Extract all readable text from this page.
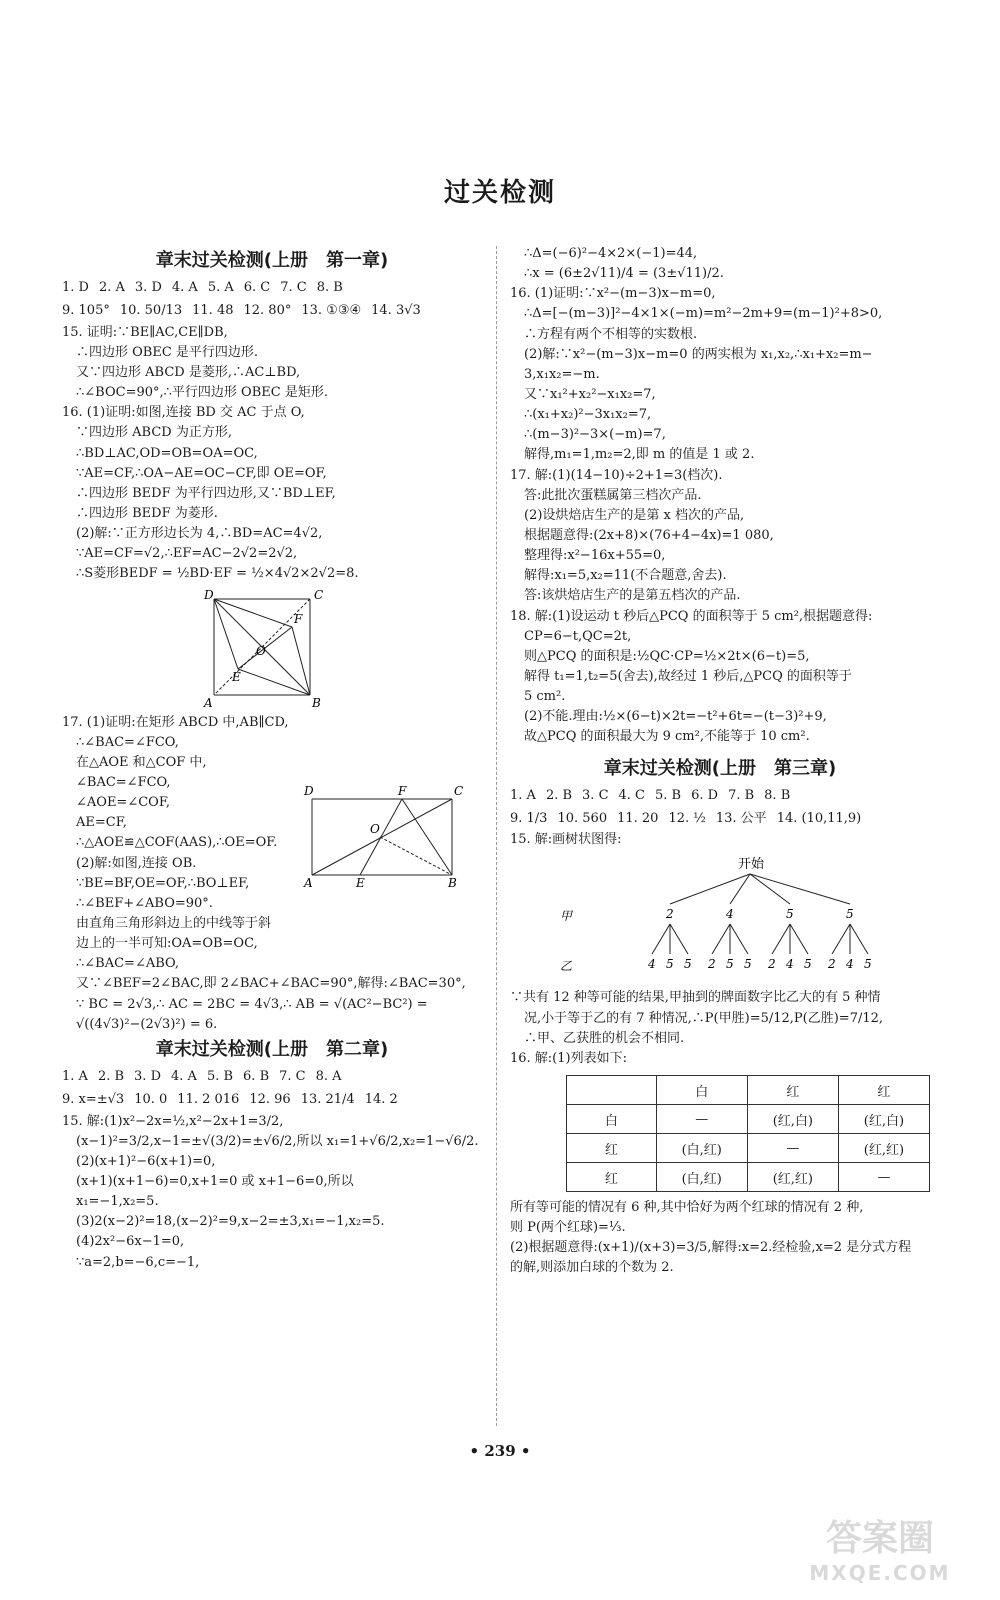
过关检测
章末过关检测(上册　第一章)
1. D 2. A 3. D 4. A 5. A 6. C 7. C 8. B
9. 105° 10. 50/13 11. 48 12. 80° 13. ①③④ 14. 3√3
15. 证明:∵BE∥AC,CE∥DB,
∴四边形 OBEC 是平行四边形.
又∵四边形 ABCD 是菱形,∴AC⊥BD,
∴∠BOC=90°,∴平行四边形 OBEC 是矩形.
16. (1)证明:如图,连接 BD 交 AC 于点 O,
∵四边形 ABCD 为正方形,
∴BD⊥AC,OD=OB=OA=OC,
∵AE=CF,∴OA−AE=OC−CF,即 OE=OF,
∴四边形 BEDF 为平行四边形,又∵BD⊥EF,
∴四边形 BEDF 为菱形.
(2)解:∵正方形边长为 4,∴BD=AC=4√2,
∵AE=CF=√2,∴EF=AC−2√2=2√2,
∴S菱形BEDF = ½BD·EF = ½×4√2×2√2=8.
D	C
F
O
E
A	B
17. (1)证明:在矩形 ABCD 中,AB∥CD,
∴∠BAC=∠FCO,
在△AOE 和△COF 中,
∠BAC=∠FCO,
∠AOE=∠COF,
AE=CF,
∴△AOE≌△COF(AAS),∴OE=OF.
(2)解:如图,连接 OB.
∵BE=BF,OE=OF,∴BO⊥EF,
∴∠BEF+∠ABO=90°.
由直角三角形斜边上的中线等于斜
边上的一半可知:OA=OB=OC,
∴∠BAC=∠ABO,
又∵∠BEF=2∠BAC,即 2∠BAC+∠BAC=90°,解得:∠BAC=30°,
∵ BC = 2√3,∴ AC = 2BC = 4√3,∴ AB = √(AC²−BC²) =
√((4√3)²−(2√3)²) = 6.
D	F	C
O
A	E	B
章末过关检测(上册　第二章)
1. A 2. B 3. D 4. A 5. B 6. B 7. C 8. A
9. x=±√3 10. 0 11. 2 016 12. 96 13. 21/4 14. 2
15. 解:(1)x²−2x=½,x²−2x+1=3/2,
(x−1)²=3/2,x−1=±√(3/2)=±√6/2,所以 x₁=1+√6/2,x₂=1−√6/2.
(2)(x+1)²−6(x+1)=0,
(x+1)(x+1−6)=0,x+1=0 或 x+1−6=0,所以
x₁=−1,x₂=5.
(3)2(x−2)²=18,(x−2)²=9,x−2=±3,x₁=−1,x₂=5.
(4)2x²−6x−1=0,
∵a=2,b=−6,c=−1,
∴Δ=(−6)²−4×2×(−1)=44,
∴x = (6±2√11)/4 = (3±√11)/2.
16. (1)证明:∵x²−(m−3)x−m=0,
∴Δ=[−(m−3)]²−4×1×(−m)=m²−2m+9=(m−1)²+8>0,
∴方程有两个不相等的实数根.
(2)解:∵x²−(m−3)x−m=0 的两实根为 x₁,x₂,∴x₁+x₂=m−
3,x₁x₂=−m.
又∵x₁²+x₂²−x₁x₂=7,
∴(x₁+x₂)²−3x₁x₂=7,
∴(m−3)²−3×(−m)=7,
解得,m₁=1,m₂=2,即 m 的值是 1 或 2.
17. 解:(1)(14−10)÷2+1=3(档次).
答:此批次蛋糕属第三档次产品.
(2)设烘焙店生产的是第 x 档次的产品,
根据题意得:(2x+8)×(76+4−4x)=1 080,
整理得:x²−16x+55=0,
解得:x₁=5,x₂=11(不合题意,舍去).
答:该烘焙店生产的是第五档次的产品.
18. 解:(1)设运动 t 秒后△PCQ 的面积等于 5 cm²,根据题意得:
CP=6−t,QC=2t,
则△PCQ 的面积是:½QC·CP=½×2t×(6−t)=5,
解得 t₁=1,t₂=5(舍去),故经过 1 秒后,△PCQ 的面积等于
5 cm².
(2)不能.理由:½×(6−t)×2t=−t²+6t=−(t−3)²+9,
故△PCQ 的面积最大为 9 cm²,不能等于 10 cm².
章末过关检测(上册　第三章)
1. A 2. B 3. C 4. C 5. B 6. D 7. B 8. B
9. 1/3 10. 560 11. 20 12. ½ 13. 公平 14. (10,11,9)
15. 解:画树状图得:
开始
甲
乙
2
4 5 5
4
2 5 5
5
2 4 5
5
2 4 5
∵共有 12 种等可能的结果,甲抽到的牌面数字比乙大的有 5 种情
况,小于等于乙的有 7 种情况,∴P(甲胜)=5/12,P(乙胜)=7/12,
∴甲、乙获胜的机会不相同.
16. 解:(1)列表如下:
	白	红	红
白	—	(红,白)	(红,白)
红	(白,红)	—	(红,红)
红	(白,红)	(红,红)	—
所有等可能的情况有 6 种,其中恰好为两个红球的情况有 2 种,
则 P(两个红球)=⅓.
(2)根据题意得:(x+1)/(x+3)=3/5,解得:x=2.经检验,x=2 是分式方程
的解,则添加白球的个数为 2.
• 239 •
答案圈
MXQE.COM
